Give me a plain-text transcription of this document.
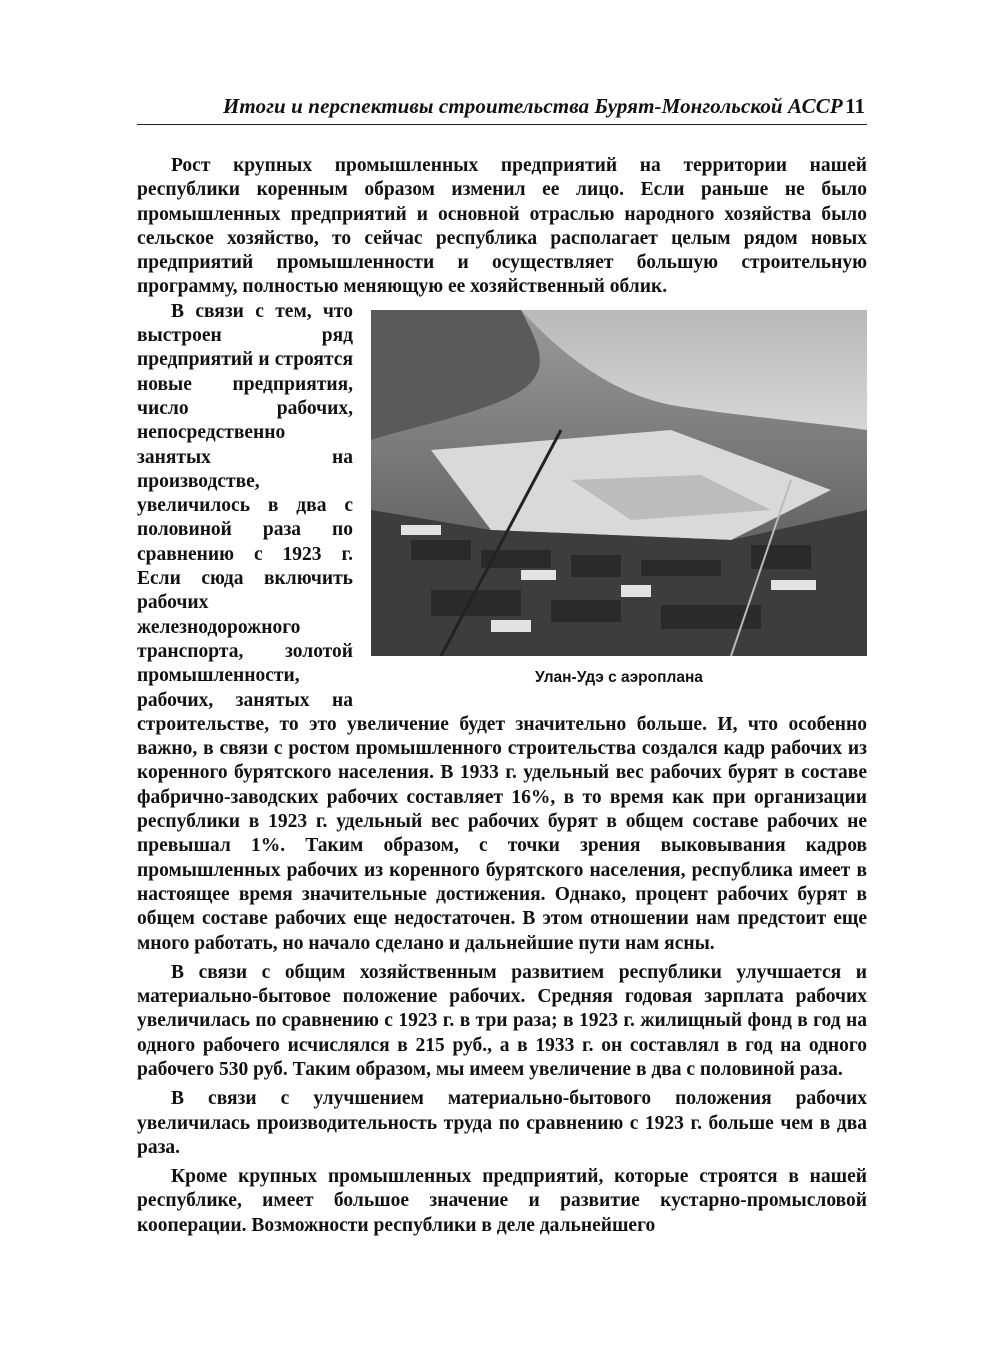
Итоги и перспективы строительства Бурят-Монгольской АССР 11

Рост крупных промышленных предприятий на территории нашей республики коренным образом изменил ее лицо. Если раньше не было промышленных предприятий и основной отраслью народного хозяйства было сельское хозяйство, то сейчас республика располагает целым рядом новых предприятий промышленности и осуществляет большую строительную программу, полностью меняющую ее хозяйственный облик.

Улан-Удэ с аэроплана

В связи с тем, что выстроен ряд предприятий и строятся новые предприятия, число рабочих, непосредственно занятых на производстве, увеличилось в два с половиной раза по сравнению с 1923 г. Если сюда включить рабочих железнодорожного транспорта, золотой промышленности, рабочих, занятых на строительстве, то это увеличение будет значительно больше. И, что особенно важно, в связи с ростом промышленного строительства создался кадр рабочих из коренного бурятского населения. В 1933 г. удельный вес рабочих бурят в составе фабрично-заводских рабочих составляет 16%, в то время как при организации республики в 1923 г. удельный вес рабочих бурят в общем составе рабочих не превышал 1%. Таким образом, с точки зрения выковывания кадров промышленных рабочих из коренного бурятского населения, республика имеет в настоящее время значительные достижения. Однако, процент рабочих бурят в общем составе рабочих еще недостаточен. В этом отношении нам предстоит еще много работать, но начало сделано и дальнейшие пути нам ясны.

В связи с общим хозяйственным развитием республики улучшается и материально-бытовое положение рабочих. Средняя годовая зарплата рабочих увеличилась по сравнению с 1923 г. в три раза; в 1923 г. жилищный фонд в год на одного рабочего исчислялся в 215 руб., а в 1933 г. он составлял в год на одного рабочего 530 руб. Таким образом, мы имеем увеличение в два с половиной раза.

В связи с улучшением материально-бытового положения рабочих увеличилась производительность труда по сравнению с 1923 г. больше чем в два раза.

Кроме крупных промышленных предприятий, которые строятся в нашей республике, имеет большое значение и развитие кустарно-промысловой кооперации. Возможности республики в деле дальнейшего
